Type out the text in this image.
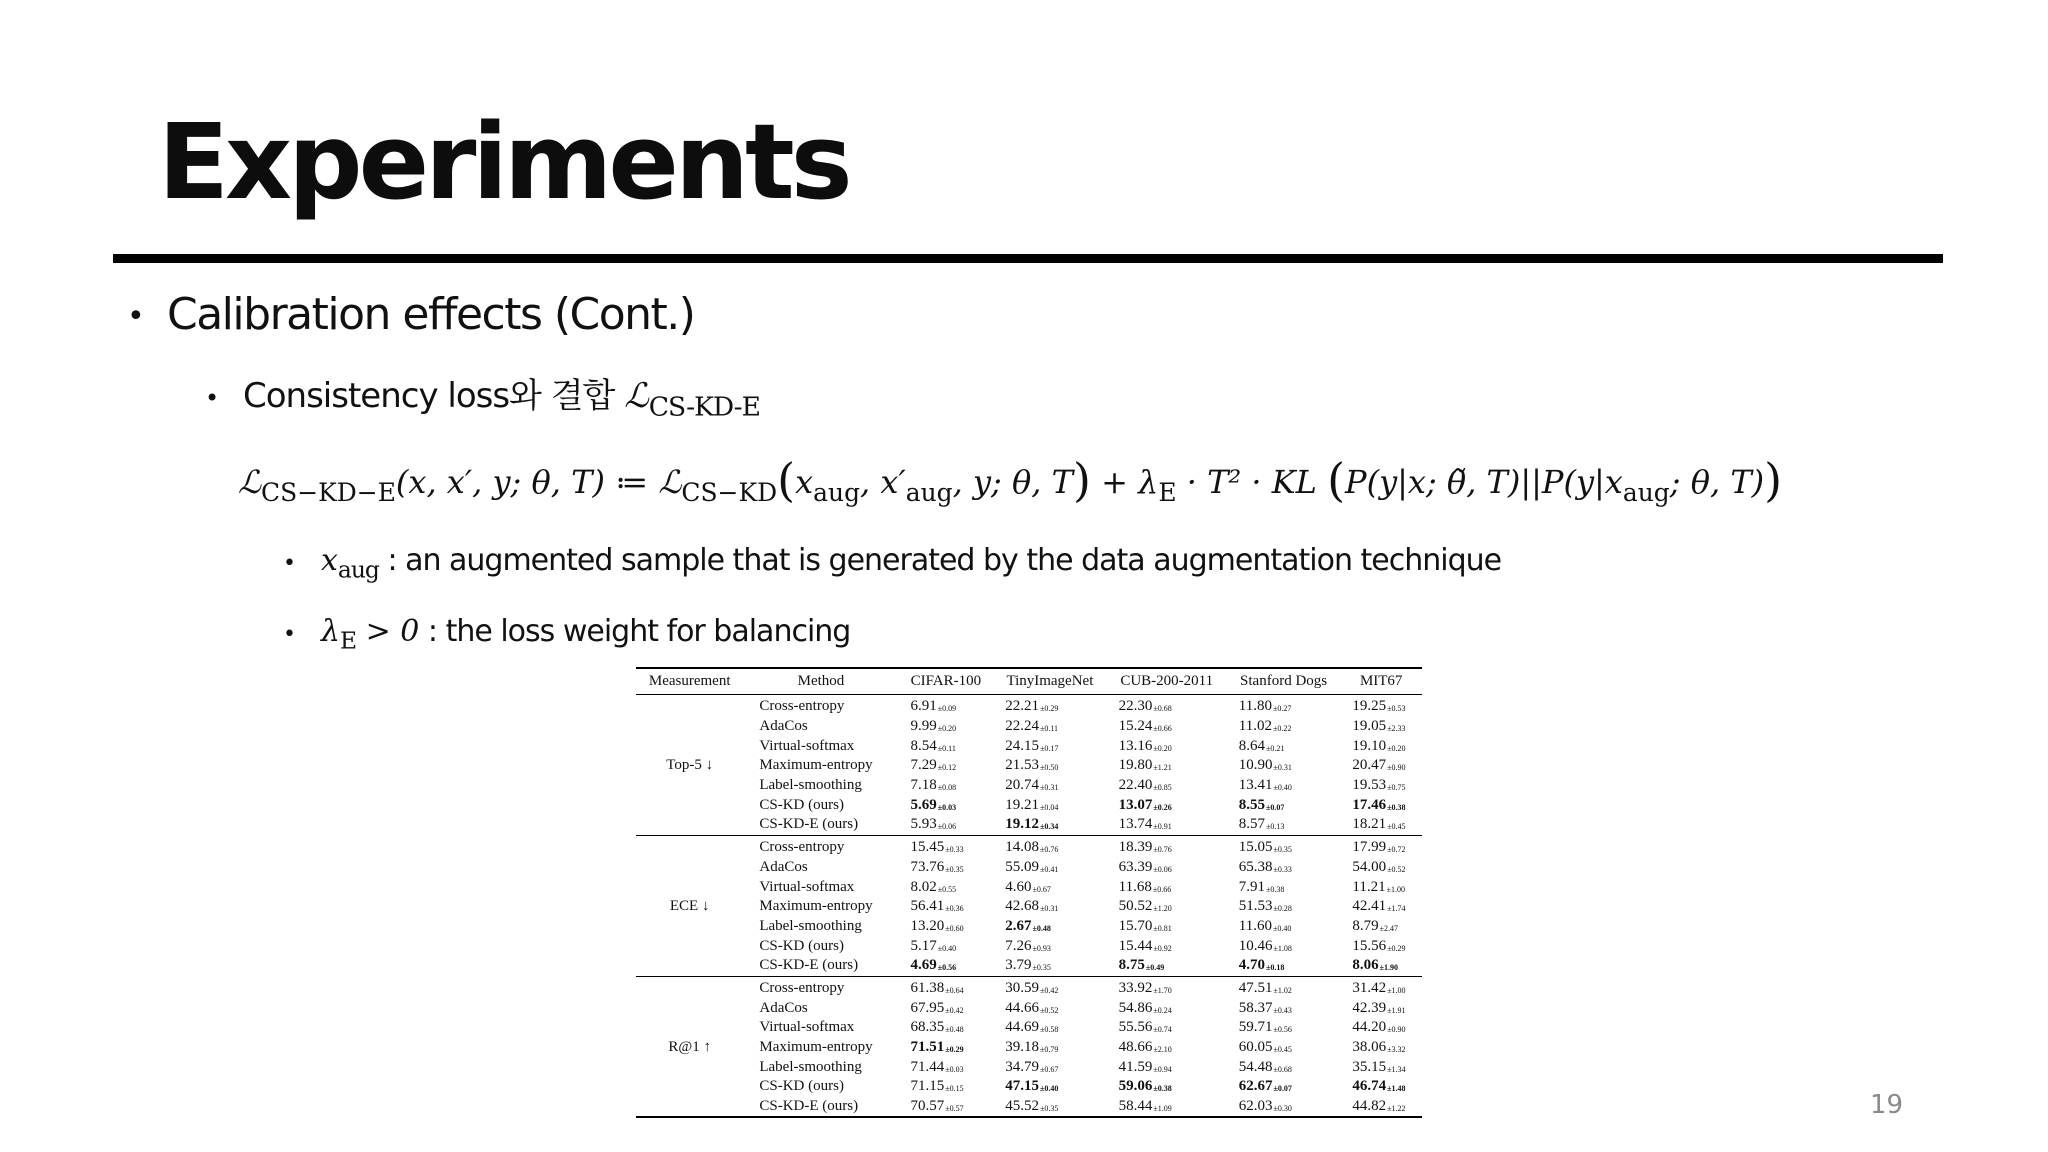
Experiments
• Calibration effects (Cont.)
• Consistency loss와 결합 ℒ$_{CS-KD-E}$
ℒ$_{CS-KD-E}$(x, x′, y; θ, T) ≔ $ℒ_{CS-KD}(x_{aug}$, $x'_{aug}$, y; θ, $T) + \lambda_E \cdot T^2$ · KL (P(y|x; θ̃, $T)||P(y|x_{aug}$; θ, T))
• $x_{aug}$ : an augmented sample that is generated by the data augmentation technique
• $\lambda_E > 0$ : the loss weight for balancing
Measurement	Method	CIFAR-100	TinyImageNet	CUB-200-2011	Stanford Dogs	MIT67
Top-5 ↓	Cross-entropy	6.91±0.09	22.21±0.29	22.30±0.68	11.80±0.27	19.25±0.53
	AdaCos	9.99±0.20	22.24±0.11	15.24±0.66	11.02±0.22	19.05±2.33
	Virtual-softmax	8.54±0.11	24.15±0.17	13.16±0.20	8.64±0.21	19.10±0.20
	Maximum-entropy	7.29±0.12	21.53±0.50	19.80±1.21	10.90±0.31	20.47±0.90
	Label-smoothing	7.18±0.08	20.74±0.31	22.40±0.85	13.41±0.40	19.53±0.75
	CS-KD (ours)	5.69±0.03	19.21±0.04	13.07±0.26	8.55±0.07	17.46±0.38
	CS-KD-E (ours)	5.93±0.06	19.12±0.34	13.74±0.91	8.57±0.13	18.21±0.45
ECE ↓	Cross-entropy	15.45±0.33	14.08±0.76	18.39±0.76	15.05±0.35	17.99±0.72
	AdaCos	73.76±0.35	55.09±0.41	63.39±0.06	65.38±0.33	54.00±0.52
	Virtual-softmax	8.02±0.55	4.60±0.67	11.68±0.66	7.91±0.38	11.21±1.00
	Maximum-entropy	56.41±0.36	42.68±0.31	50.52±1.20	51.53±0.28	42.41±1.74
	Label-smoothing	13.20±0.60	2.67±0.48	15.70±0.81	11.60±0.40	8.79±2.47
	CS-KD (ours)	5.17±0.40	7.26±0.93	15.44±0.92	10.46±1.08	15.56±0.29
	CS-KD-E (ours)	4.69±0.56	3.79±0.35	8.75±0.49	4.70±0.18	8.06±1.90
R@1 ↑	Cross-entropy	61.38±0.64	30.59±0.42	33.92±1.70	47.51±1.02	31.42±1.00
	AdaCos	67.95±0.42	44.66±0.52	54.86±0.24	58.37±0.43	42.39±1.91
	Virtual-softmax	68.35±0.48	44.69±0.58	55.56±0.74	59.71±0.56	44.20±0.90
	Maximum-entropy	71.51±0.29	39.18±0.79	48.66±2.10	60.05±0.45	38.06±3.32
	Label-smoothing	71.44±0.03	34.79±0.67	41.59±0.94	54.48±0.68	35.15±1.34
	CS-KD (ours)	71.15±0.15	47.15±0.40	59.06±0.38	62.67±0.07	46.74±1.48
	CS-KD-E (ours)	70.57±0.57	45.52±0.35	58.44±1.09	62.03±0.30	44.82±1.22	19
